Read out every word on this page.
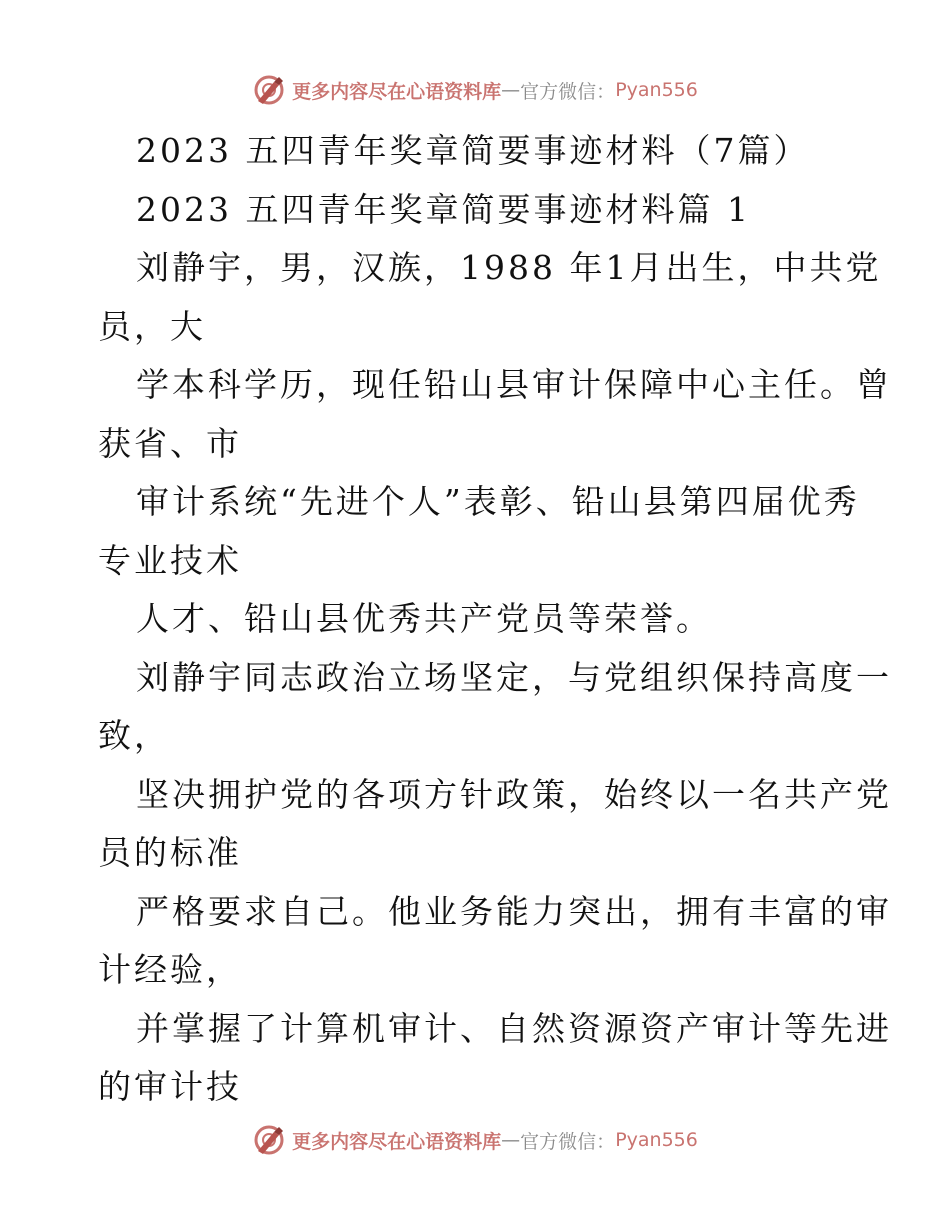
更多内容尽在心语资料库 — 官方微信： Pyan556
2023 五四青年奖章简要事迹材料（7篇）
2023 五四青年奖章简要事迹材料篇 1
刘静宇，男，汉族，1988 年1月出生，中共党
员，大
学本科学历，现任铅山县审计保障中心主任。曾
获省、市
审计系统“先进个人”表彰、铅山县第四届优秀
专业技术
人才、铅山县优秀共产党员等荣誉。
刘静宇同志政治立场坚定，与党组织保持高度一
致，
坚决拥护党的各项方针政策，始终以一名共产党
员的标准
严格要求自己。他业务能力突出，拥有丰富的审
计经验，
并掌握了计算机审计、自然资源资产审计等先进
的审计技
更多内容尽在心语资料库 — 官方微信： Pyan556
